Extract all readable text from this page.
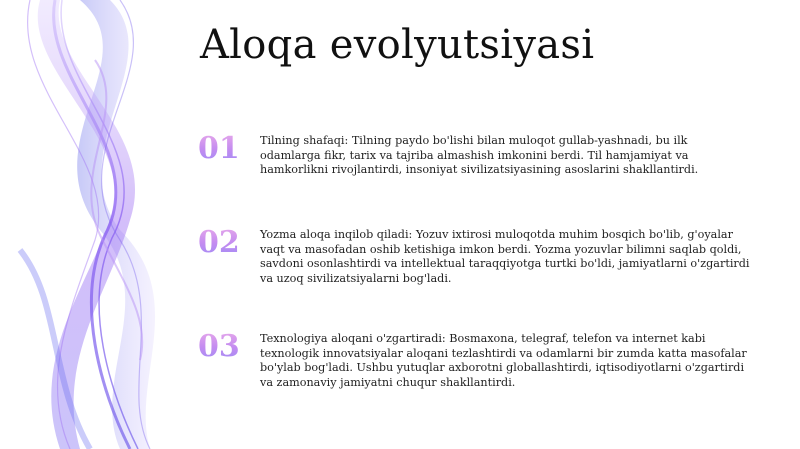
Aloqa evolyutsiyasi
01 Tilning shafaqi: Tilning paydo bo'lishi bilan muloqot gullab-yashnadi, bu ilk odamlarga fikr, tarix va tajriba almashish imkonini berdi. Til hamjamiyat va hamkorlikni rivojlantirdi, insoniyat sivilizatsiyasining asoslarini shakllantirdi.
02 Yozma aloqa inqilob qiladi: Yozuv ixtirosi muloqotda muhim bosqich bo'lib, g'oyalar vaqt va masofadan oshib ketishiga imkon berdi. Yozma yozuvlar bilimni saqlab qoldi, savdoni osonlashtirdi va intellektual taraqqiyotga turtki bo'ldi, jamiyatlarni o'zgartirdi va uzoq sivilizatsiyalarni bog'ladi.
03 Texnologiya aloqani o'zgartiradi: Bosmaxona, telegraf, telefon va internet kabi texnologik innovatsiyalar aloqani tezlashtirdi va odamlarni bir zumda katta masofalar bo'ylab bog'ladi. Ushbu yutuqlar axborotni globallashtirdi, iqtisodiyotlarni o'zgartirdi va zamonaviy jamiyatni chuqur shakllantirdi.
